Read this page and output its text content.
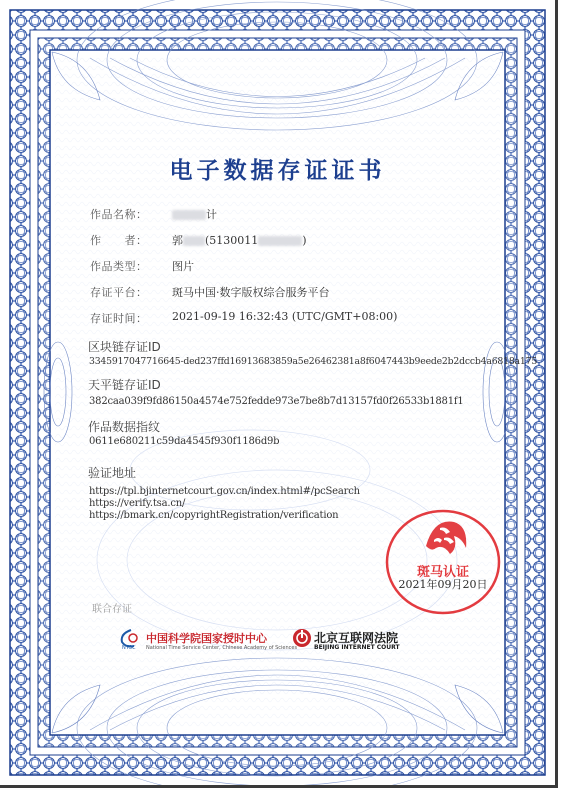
电子数据存证证书
作品名称：	计
作　　者： 郭 (5130011	)
作品类型： 图片
存证平台： 斑马中国·数字版权综合服务平台
存证时间： 2021-09-19 16:32:43 (UTC/GMT+08:00)
区块链存证ID
3345917047716645-ded237ffd16913683859a5e26462381a8f6047443b9eede2b2dccb4a6818a175
天平链存证ID
382caa039f9fd86150a4574e752fedde973e7be8b7d13157fd0f26533b1881f1
作品数据指纹
0611e680211c59da4545f930f1186d9b
验证地址
https://tpl.bjinternetcourt.gov.cn/index.html#/pcSearch
https://verify.tsa.cn/
https://bmark.cn/copyrightRegistration/verification
斑马认证
2021年09月20日
联合存证
NTSC
中国科学院国家授时中心
National Time Service Center, Chinese Academy of Sciences
北京互联网法院
BEIJING INTERNET COURT
